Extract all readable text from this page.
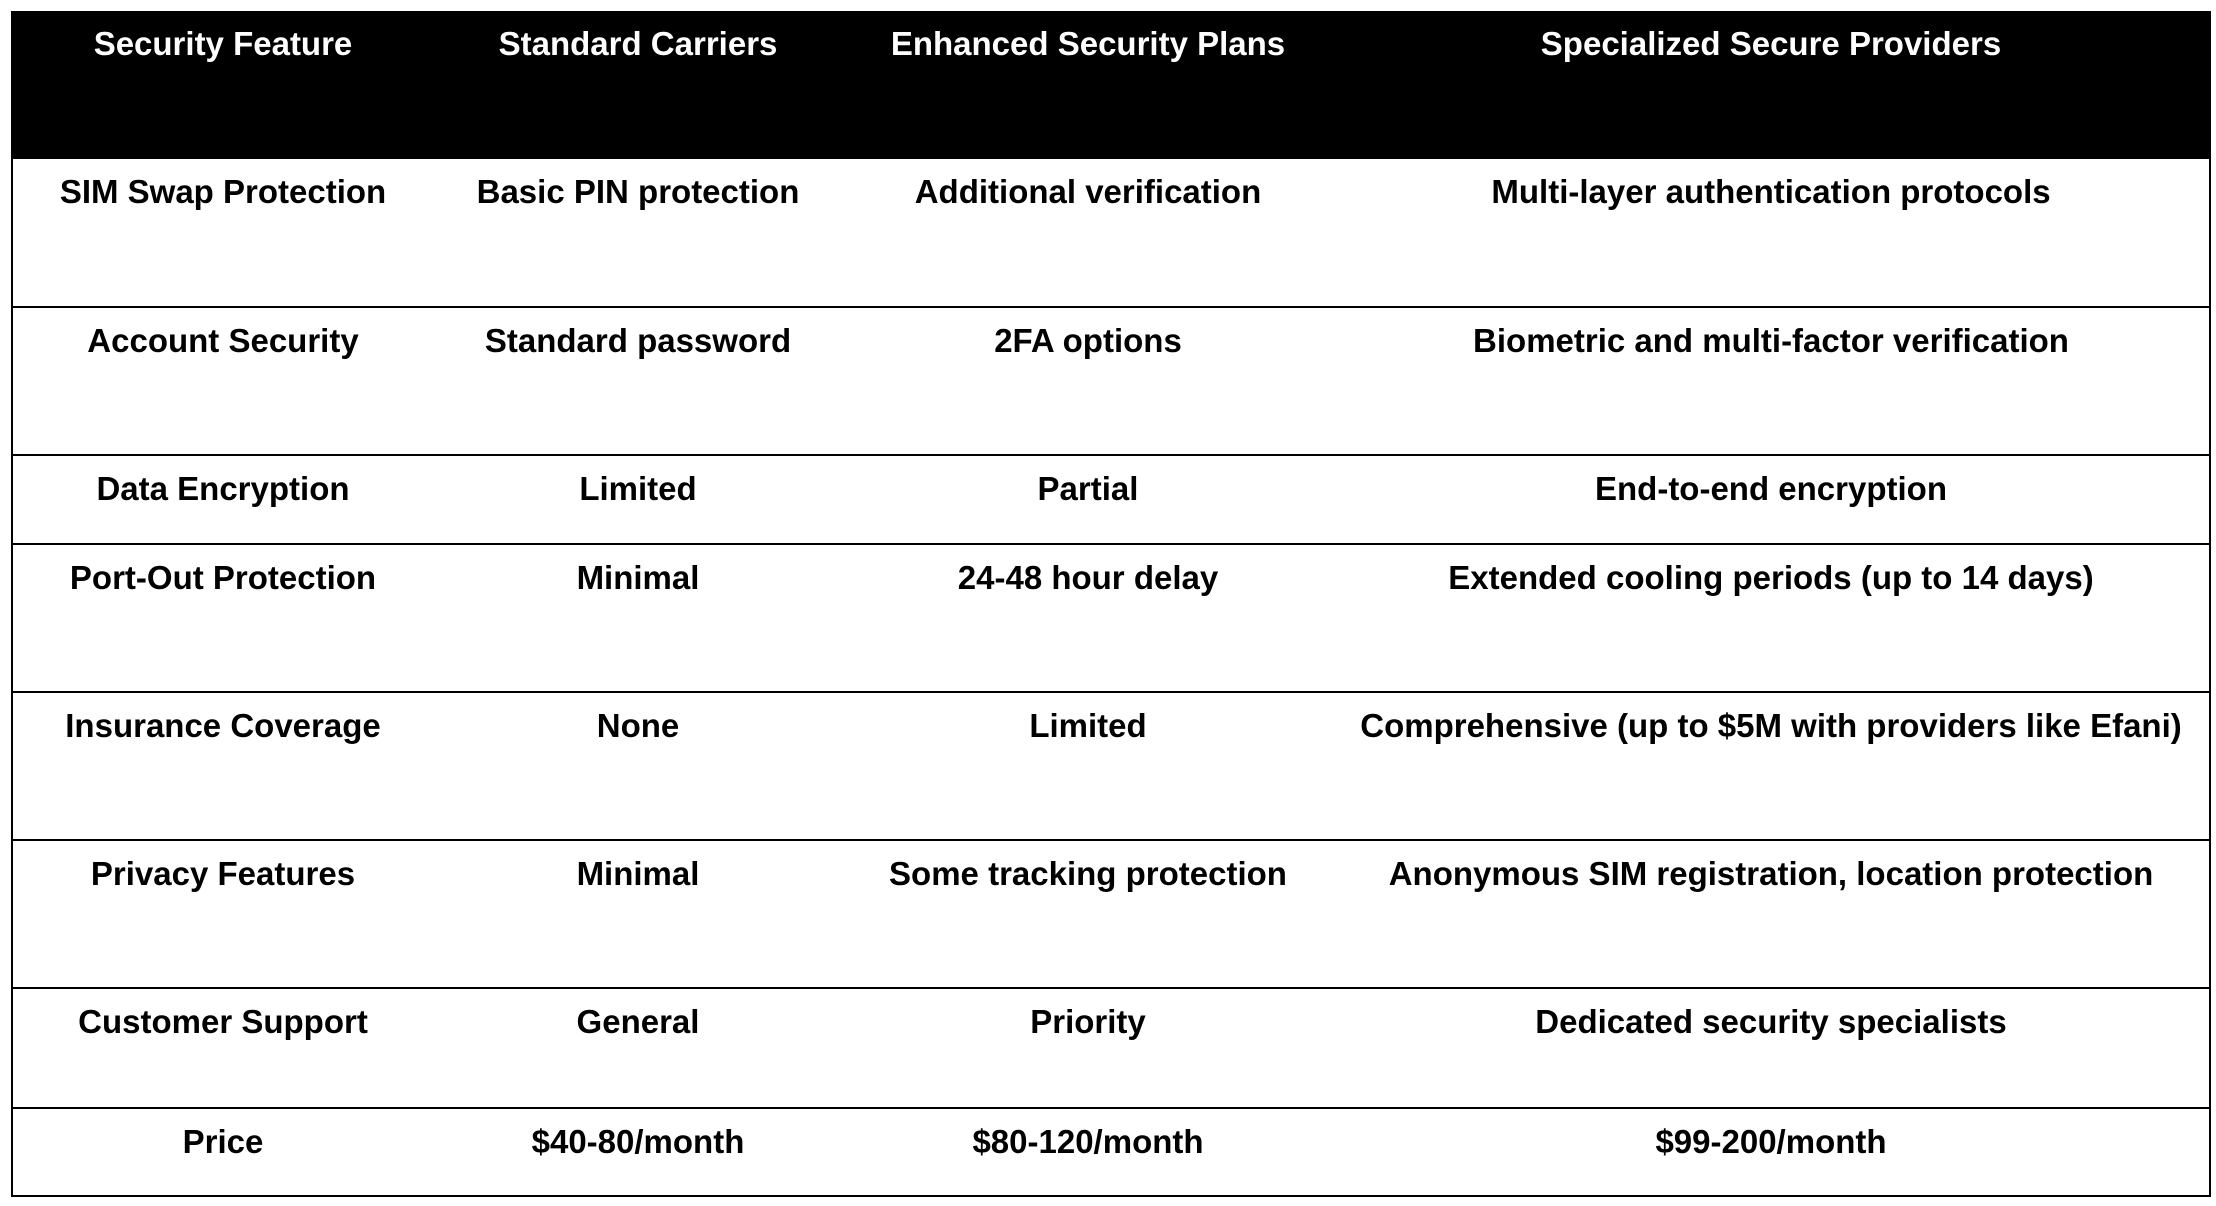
Security Feature	Standard Carriers	Enhanced Security Plans	Specialized Secure Providers
SIM Swap Protection	Basic PIN protection	Additional verification	Multi-layer authentication protocols
Account Security	Standard password	2FA options	Biometric and multi-factor verification
Data Encryption	Limited	Partial	End-to-end encryption
Port-Out Protection	Minimal	24-48 hour delay	Extended cooling periods (up to 14 days)
Insurance Coverage	None	Limited	Comprehensive (up to $5M with providers like Efani)
Privacy Features	Minimal	Some tracking protection	Anonymous SIM registration, location protection
Customer Support	General	Priority	Dedicated security specialists
Price	$40-80/month	$80-120/month	$99-200/month
